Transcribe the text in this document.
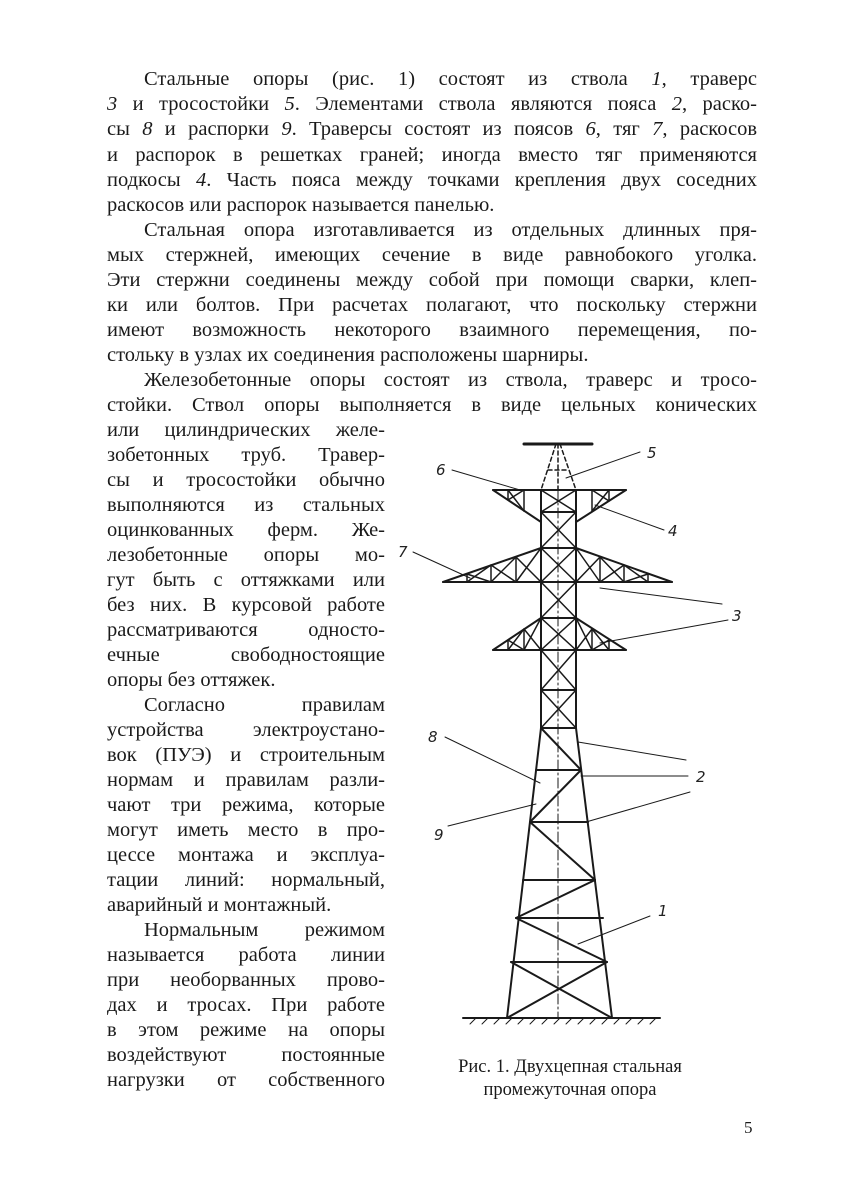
Стальные опоры (рис. 1) состоят из ствола 1, траверс
3 и тросостойки 5. Элементами ствола являются пояса 2, раско-
сы 8 и распорки 9. Траверсы состоят из поясов 6, тяг 7, раскосов
и распорок в решетках граней; иногда вместо тяг применяются
подкосы 4. Часть пояса между точками крепления двух соседних
раскосов или распорок называется панелью.
Стальная опора изготавливается из отдельных длинных пря-
мых стержней, имеющих сечение в виде равнобокого уголка.
Эти стержни соединены между собой при помощи сварки, клеп-
ки или болтов. При расчетах полагают, что поскольку стержни
имеют возможность некоторого взаимного перемещения, по-
стольку в узлах их соединения расположены шарниры.
Железобетонные опоры состоят из ствола, траверс и тросо-
стойки. Ствол опоры выполняется в виде цельных конических
или цилиндрических желе-
зобетонных труб. Травер-
сы и тросостойки обычно
выполняются из стальных
оцинкованных ферм. Же-
лезобетонные опоры мо-
гут быть с оттяжками или
без них. В курсовой работе
рассматриваются односто-
ечные свободностоящие
опоры без оттяжек.
Согласно правилам
устройства электроустано-
вок (ПУЭ) и строительным
нормам и правилам разли-
чают три режима, которые
могут иметь место в про-
цессе монтажа и эксплуа-
тации линий: нормальный,
аварийный и монтажный.
Нормальным режимом
называется работа линии
при необорванных прово-
дах и тросах. При работе
в этом режиме на опоры
воздействуют постоянные
нагрузки от собственного
5
6
4
7
3
8
2
9
1
Рис. 1. Двухцепная стальная
промежуточная опора
5
